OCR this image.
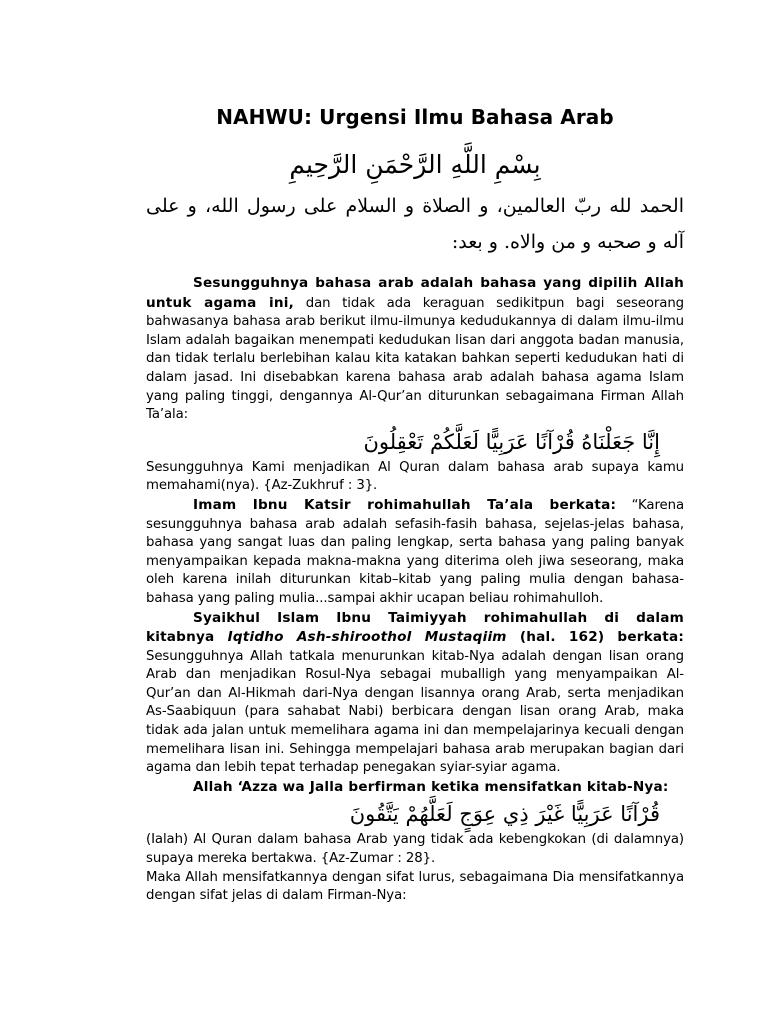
NAHWU: Urgensi Ilmu Bahasa Arab
بِسْمِ اللَّهِ الرَّحْمَنِ الرَّحِيمِ
الحمد لله ربّ العالمين، و الصلاة و السلام على رسول الله، و على آله و صحبه و من والاه. و بعد:

Sesungguhnya bahasa arab adalah bahasa yang dipilih Allah untuk agama ini, dan tidak ada keraguan sedikitpun bagi seseorang bahwasanya bahasa arab berikut ilmu-ilmunya kedudukannya di dalam ilmu-ilmu Islam adalah bagaikan menempati kedudukan lisan dari anggota badan manusia, dan tidak terlalu berlebihan kalau kita katakan bahkan seperti kedudukan hati di dalam jasad. Ini disebabkan karena bahasa arab adalah bahasa agama Islam yang paling tinggi, dengannya Al-Qur’an diturunkan sebagaimana Firman Allah Ta’ala:

إِنَّا جَعَلْنَاهُ قُرْآنًا عَرَبِيًّا لَعَلَّكُمْ تَعْقِلُونَ

Sesungguhnya Kami menjadikan Al Quran dalam bahasa arab supaya kamu memahami(nya). {Az-Zukhruf : 3}.

Imam Ibnu Katsir rohimahullah Ta’ala berkata: “Karena sesungguhnya bahasa arab adalah sefasih-fasih bahasa, sejelas-jelas bahasa, bahasa yang sangat luas dan paling lengkap, serta bahasa yang paling banyak menyampaikan kepada makna-makna yang diterima oleh jiwa seseorang, maka oleh karena inilah diturunkan kitab–kitab yang paling mulia dengan bahasa-bahasa yang paling mulia...sampai akhir ucapan beliau rohimahulloh.

Syaikhul Islam Ibnu Taimiyyah rohimahullah di dalam kitabnya Iqtidho Ash-shiroothol Mustaqiim (hal. 162) berkata: Sesungguhnya Allah tatkala menurunkan kitab-Nya adalah dengan lisan orang Arab dan menjadikan Rosul-Nya sebagai muballigh yang menyampaikan Al-Qur’an dan Al-Hikmah dari-Nya dengan lisannya orang Arab, serta menjadikan As-Saabiquun (para sahabat Nabi) berbicara dengan lisan orang Arab, maka tidak ada jalan untuk memelihara agama ini dan mempelajarinya kecuali dengan memelihara lisan ini. Sehingga mempelajari bahasa arab merupakan bagian dari agama dan lebih tepat terhadap penegakan syiar-syiar agama.

Allah ‘Azza wa Jalla berfirman ketika mensifatkan kitab-Nya:

قُرْآنًا عَرَبِيًّا غَيْرَ ذِي عِوَجٍ لَعَلَّهُمْ يَتَّقُونَ

(Ialah) Al Quran dalam bahasa Arab yang tidak ada kebengkokan (di dalamnya) supaya mereka bertakwa. {Az-Zumar : 28}.

Maka Allah mensifatkannya dengan sifat lurus, sebagaimana Dia mensifatkannya dengan sifat jelas di dalam Firman-Nya:
